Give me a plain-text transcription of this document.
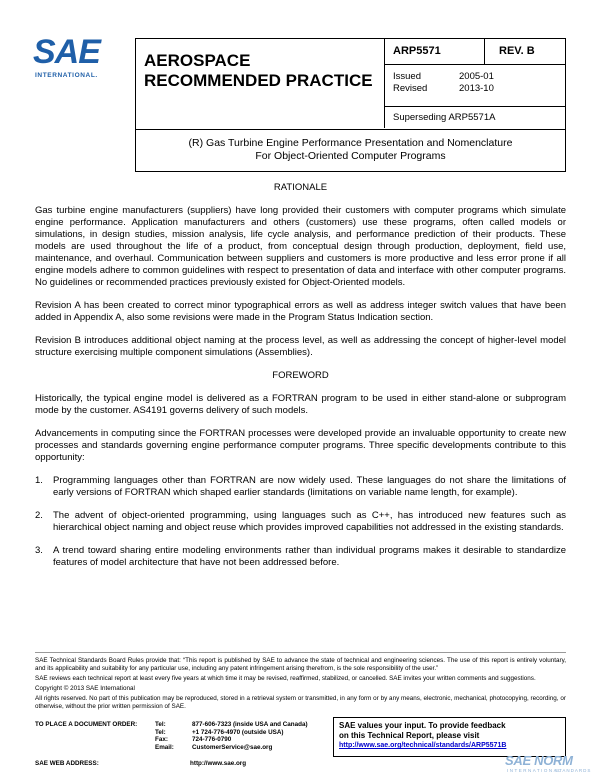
SAE
INTERNATIONAL.
AEROSPACE RECOMMENDED PRACTICE
ARP5571	REV. B
Issued	2005-01
Revised	2013-10
Superseding ARP5571A
(R) Gas Turbine Engine Performance Presentation and Nomenclature
For Object-Oriented Computer Programs
RATIONALE

Gas turbine engine manufacturers (suppliers) have long provided their customers with computer programs which simulate engine performance. Application manufacturers and others (customers) use these programs, often called models or simulations, in design studies, mission analysis, life cycle analysis, and performance prediction of their products. These models are used throughout the life of a product, from conceptual design through production, deployment, field use, maintenance, and overhaul. Communication between suppliers and customers is more productive and less error prone if all engine models adhere to common guidelines with respect to presentation of data and interface with other computer programs. No guidelines or recommended practices previously existed for Object-Oriented models.

Revision A has been created to correct minor typographical errors as well as address integer switch values that have been added in Appendix A, also some revisions were made in the Program Status Indication section.

Revision B introduces additional object naming at the process level, as well as addressing the concept of higher-level model structure exercising multiple component simulations (Assemblies).

FOREWORD

Historically, the typical engine model is delivered as a FORTRAN program to be used in either stand-alone or subprogram mode by the customer. AS4191 governs delivery of such models.

Advancements in computing since the FORTRAN processes were developed provide an invaluable opportunity to create new processes and standards governing engine performance computer programs. Three specific developments contribute to this opportunity:

1. Programming languages other than FORTRAN are now widely used. These languages do not share the limitations of early versions of FORTRAN which shaped earlier standards (limitations on variable name length, for example).
2. The advent of object-oriented programming, using languages such as C++, has introduced new features such as hierarchical object naming and object reuse which provides improved capabilities not addressed in the existing standards.
3. A trend toward sharing entire modeling environments rather than individual programs makes it desirable to standardize features of model architecture that have not been addressed before.

SAE Technical Standards Board Rules provide that: “This report is published by SAE to advance the state of technical and engineering sciences. The use of this report is entirely voluntary, and its applicability and suitability for any particular use, including any patent infringement arising therefrom, is the sole responsibility of the user.”

SAE reviews each technical report at least every five years at which time it may be revised, reaffirmed, stabilized, or cancelled. SAE invites your written comments and suggestions.

Copyright © 2013 SAE International

All rights reserved. No part of this publication may be reproduced, stored in a retrieval system or transmitted, in any form or by any means, electronic, mechanical, photocopying, recording, or otherwise, without the prior written permission of SAE.

TO PLACE A DOCUMENT ORDER:	Tel:	877-606-7323 (inside USA and Canada)
Tel:	+1 724-776-4970 (outside USA)
Fax:	724-776-0790
Email:	CustomerService@sae.org
SAE WEB ADDRESS:	http://www.sae.org
SAE values your input. To provide feedback
on this Technical Report, please visit
http://www.sae.org/technical/standards/ARP5571B
SAE NORM
INTERNATIONAL
STANDARDS
